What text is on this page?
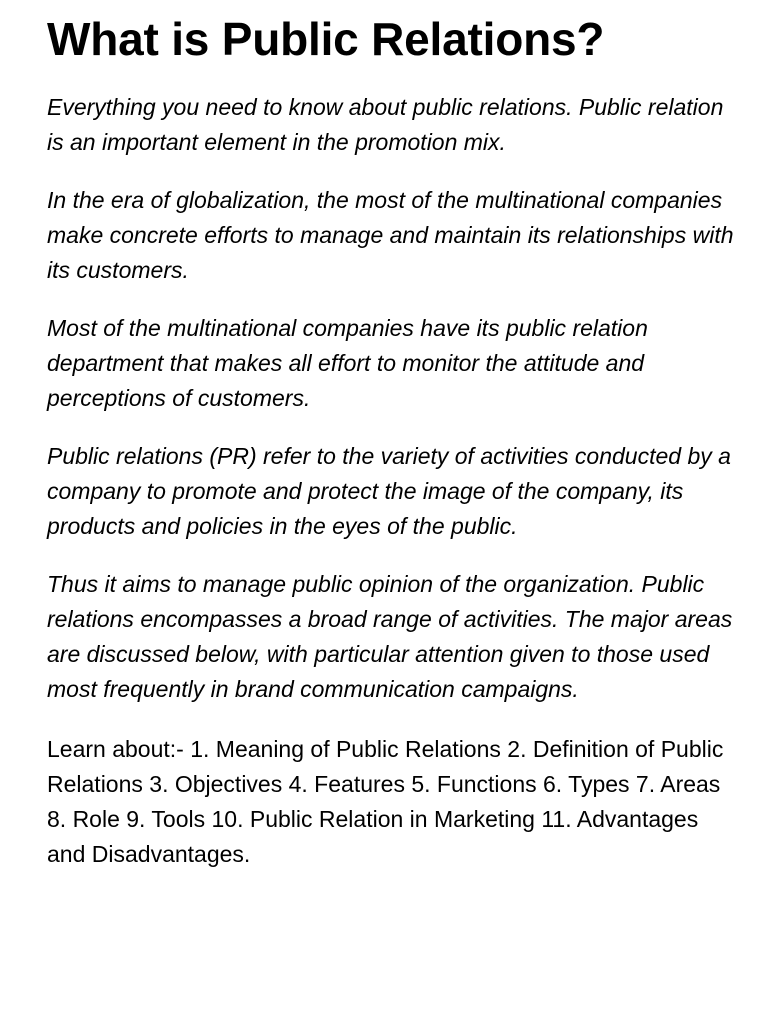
What is Public Relations?

Everything you need to know about public relations. Public relation is an important element in the promotion mix.

In the era of globalization, the most of the multinational companies make concrete efforts to manage and maintain its relationships with its customers.

Most of the multinational companies have its public relation department that makes all effort to monitor the attitude and perceptions of customers.

Public relations (PR) refer to the variety of activities conducted by a company to promote and protect the image of the company, its products and policies in the eyes of the public.

Thus it aims to manage public opinion of the organization. Public relations encompasses a broad range of activities. The major areas are discussed below, with particular attention given to those used most frequently in brand communication campaigns.

Learn about:- 1. Meaning of Public Relations 2. Definition of Public Relations 3. Objectives 4. Features 5. Functions 6. Types 7. Areas 8. Role 9. Tools 10. Public Relation in Marketing 11. Advantages and Disadvantages.
